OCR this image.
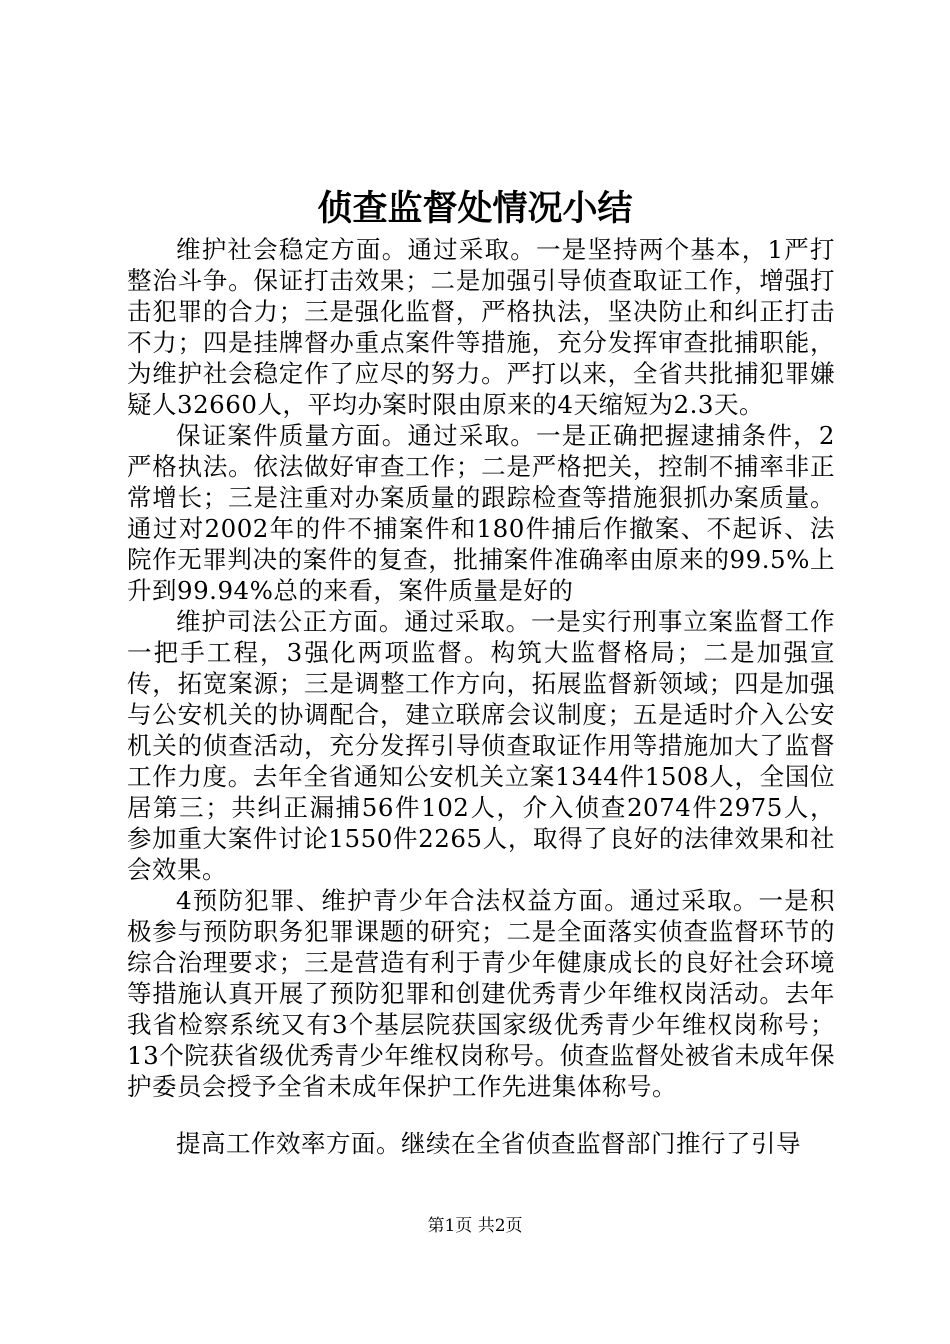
侦查监督处情况小结

维护社会稳定方面。通过采取。一是坚持两个基本，1严打整治斗争。保证打击效果；二是加强引导侦查取证工作，增强打击犯罪的合力；三是强化监督，严格执法，坚决防止和纠正打击不力；四是挂牌督办重点案件等措施，充分发挥审查批捕职能，为维护社会稳定作了应尽的努力。严打以来，全省共批捕犯罪嫌疑人32660人，平均办案时限由原来的4天缩短为2.3天。

保证案件质量方面。通过采取。一是正确把握逮捕条件，2严格执法。依法做好审查工作；二是严格把关，控制不捕率非正常增长；三是注重对办案质量的跟踪检查等措施狠抓办案质量。通过对2002年的件不捕案件和180件捕后作撤案、不起诉、法院作无罪判决的案件的复查，批捕案件准确率由原来的99.5%上升到99.94%总的来看，案件质量是好的

维护司法公正方面。通过采取。一是实行刑事立案监督工作一把手工程，3强化两项监督。构筑大监督格局；二是加强宣传，拓宽案源；三是调整工作方向，拓展监督新领域；四是加强与公安机关的协调配合，建立联席会议制度；五是适时介入公安机关的侦查活动，充分发挥引导侦查取证作用等措施加大了监督工作力度。去年全省通知公安机关立案1344件1508人，全国位居第三；共纠正漏捕56件102人，介入侦查2074件2975人，参加重大案件讨论1550件2265人，取得了良好的法律效果和社会效果。

4预防犯罪、维护青少年合法权益方面。通过采取。一是积极参与预防职务犯罪课题的研究；二是全面落实侦查监督环节的综合治理要求；三是营造有利于青少年健康成长的良好社会环境等措施认真开展了预防犯罪和创建优秀青少年维权岗活动。去年我省检察系统又有3个基层院获国家级优秀青少年维权岗称号；13个院获省级优秀青少年维权岗称号。侦查监督处被省未成年保护委员会授予全省未成年保护工作先进集体称号。

提高工作效率方面。继续在全省侦查监督部门推行了引导

第1页 共2页
